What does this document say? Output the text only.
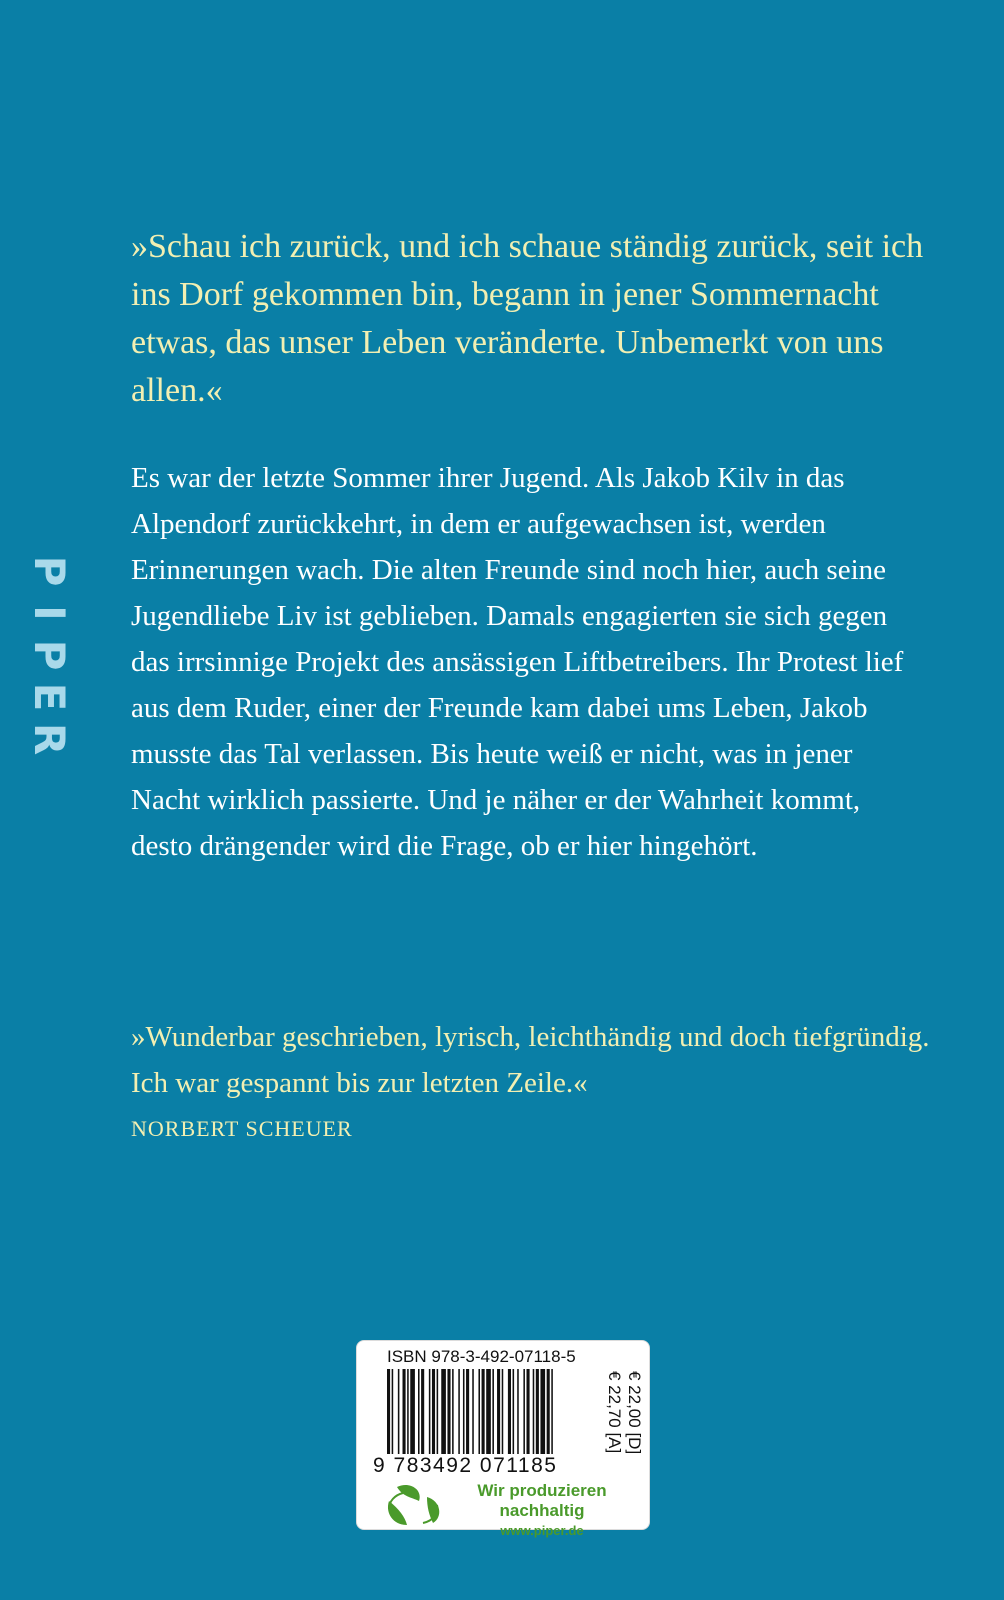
P
I
P
E
R

»Schau ich zurück, und ich schaue ständig zurück, seit ich ins Dorf gekommen bin, begann in jener Sommernacht etwas, das unser Leben veränderte. Unbemerkt von uns allen.«

Es war der letzte Sommer ihrer Jugend. Als Jakob Kilv in das Alpendorf zurückkehrt, in dem er aufgewachsen ist, werden Erinnerungen wach. Die alten Freunde sind noch hier, auch seine Jugendliebe Liv ist geblieben. Damals engagierten sie sich gegen das irrsinnige Projekt des ansässigen Liftbetreibers. Ihr Protest lief aus dem Ruder, einer der Freunde kam dabei ums Leben, Jakob musste das Tal verlassen. Bis heute weiß er nicht, was in jener Nacht wirklich passierte. Und je näher er der Wahrheit kommt, desto drängender wird die Frage, ob er hier hingehört.

»Wunderbar geschrieben, lyrisch, leichthändig und doch tiefgründig. Ich war gespannt bis zur letzten Zeile.«

NORBERT SCHEUER
ISBN 978-3-492-07118-5
9 783492 071185
€ 22,00 [D]
€ 22,70 [A]
Wir produzieren
nachhaltig
www.piper.de
